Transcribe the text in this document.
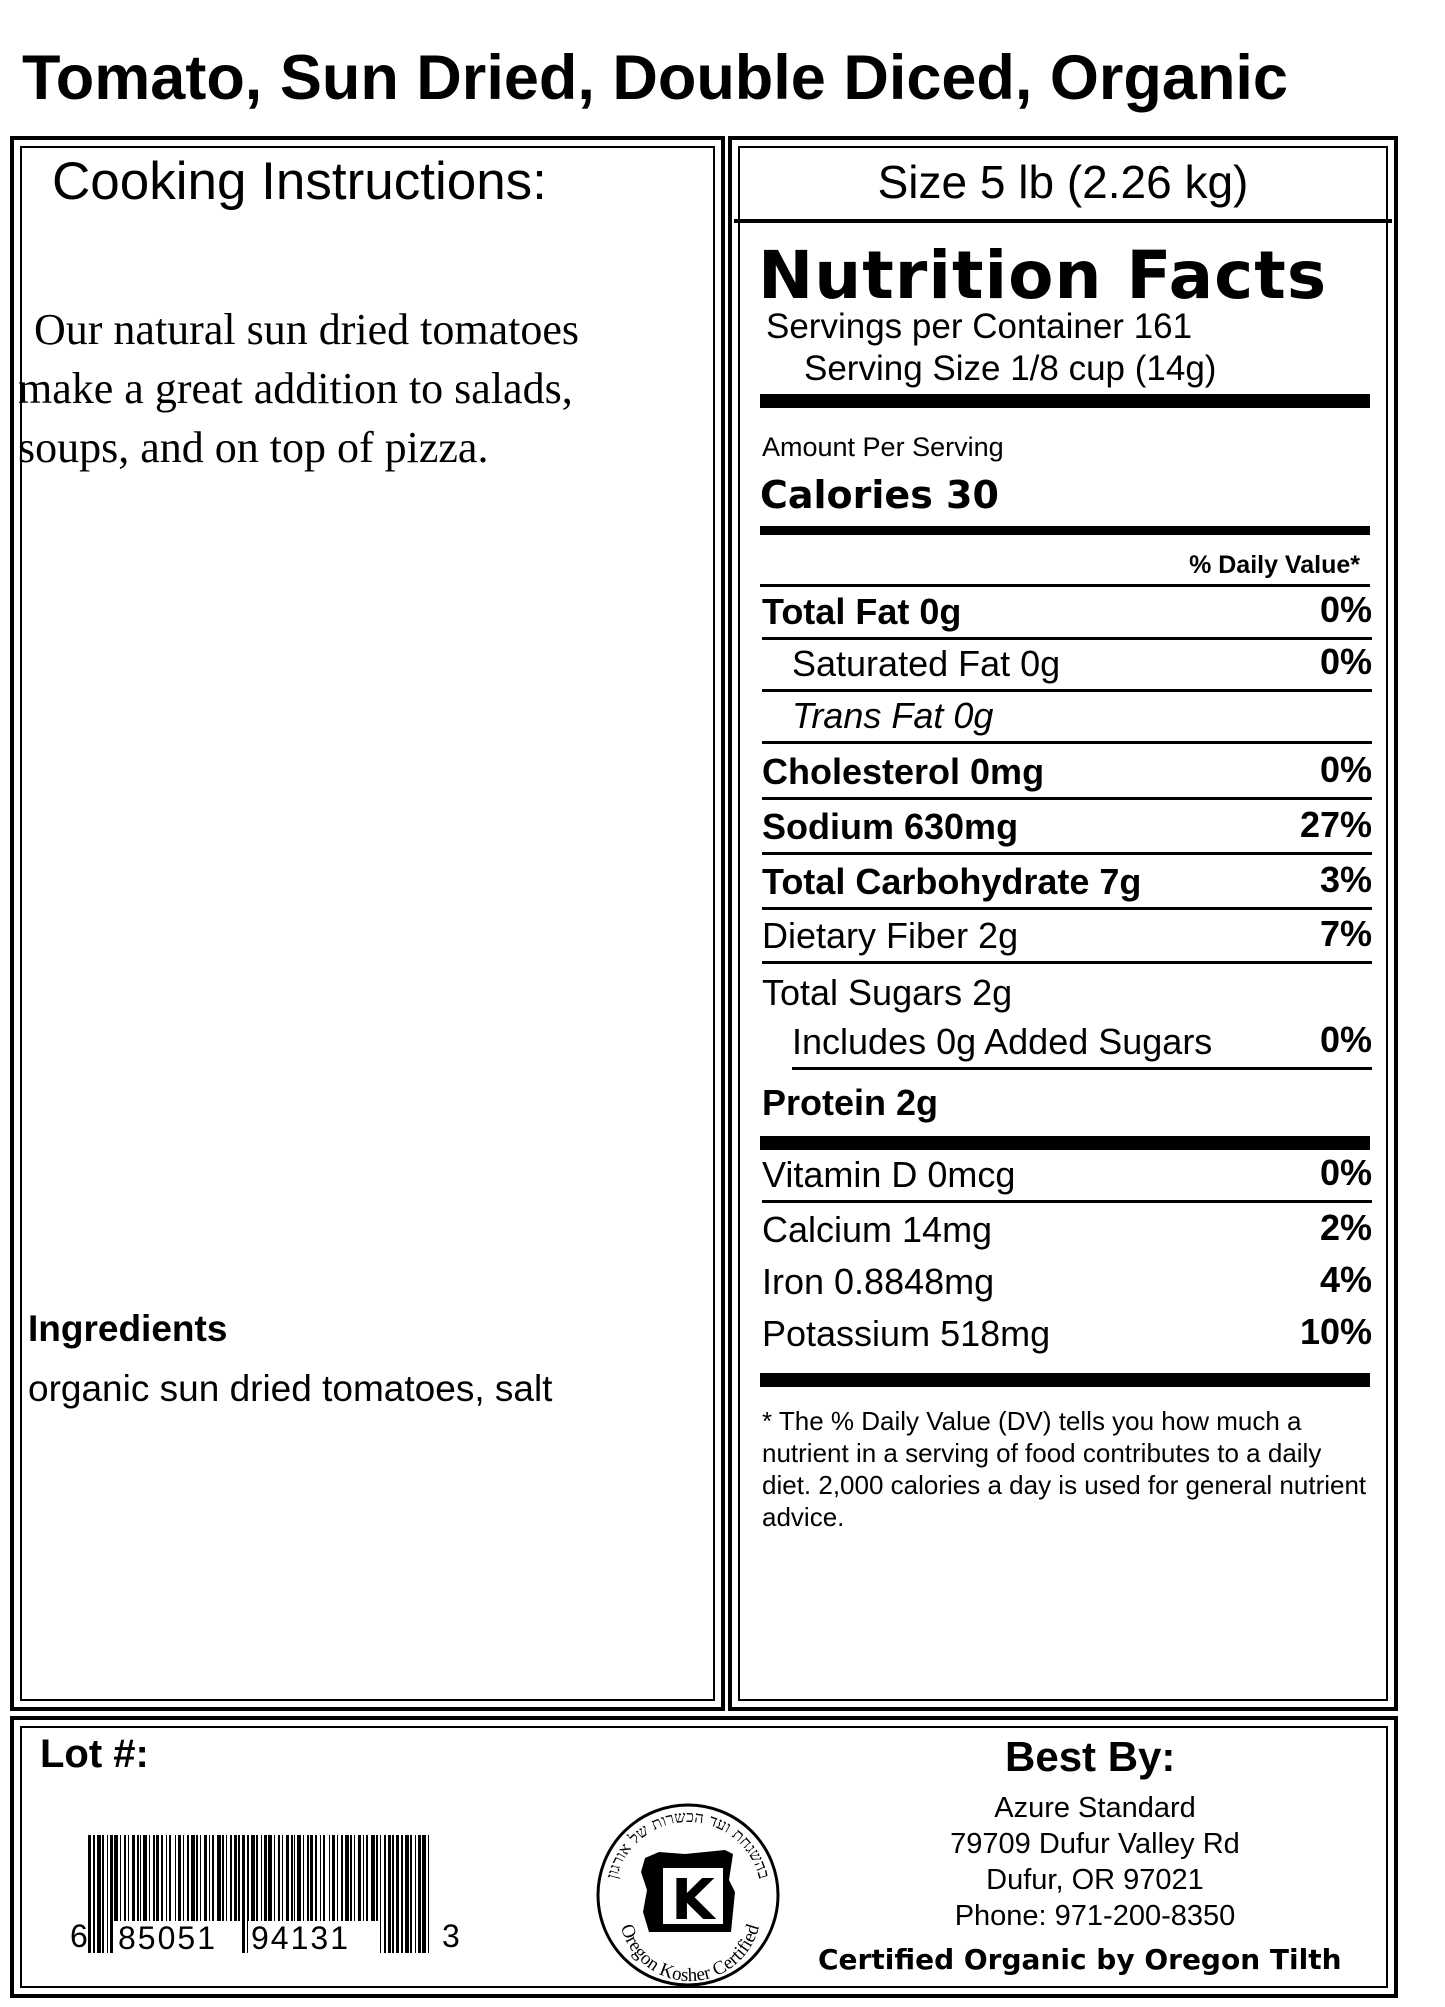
Tomato, Sun Dried, Double Diced, Organic
Cooking Instructions:
Our natural sun dried tomatoes
make a great addition to salads,
soups, and on top of pizza.
Ingredients
organic sun dried tomatoes, salt
Size 5 lb (2.26 kg)
Nutrition Facts
Servings per Container 161
Serving Size 1/8 cup (14g)
Amount Per Serving
Calories 30
% Daily Value*
Total Fat 0g	0%
Saturated Fat 0g	0%
Trans Fat 0g
Cholesterol 0mg	0%
Sodium 630mg	27%
Total Carbohydrate 7g	3%
Dietary Fiber 2g	7%
Total Sugars 2g
Includes 0g Added Sugars	0%
Protein 2g
Vitamin D 0mcg	0%
Calcium 14mg	2%
Iron 0.8848mg	4%
Potassium 518mg	10%
* The % Daily Value (DV) tells you how much a nutrient in a serving of food contributes to a daily diet. 2,000 calories a day is used for general nutrient advice.
Lot #:
6 85051 94131	3
בהשגחת ועד הכשרות של אורגון
Oregon Kosher Certified
K
Best By:
Azure Standard
79709 Dufur Valley Rd
Dufur, OR 97021
Phone: 971-200-8350
Certified Organic by Oregon Tilth
